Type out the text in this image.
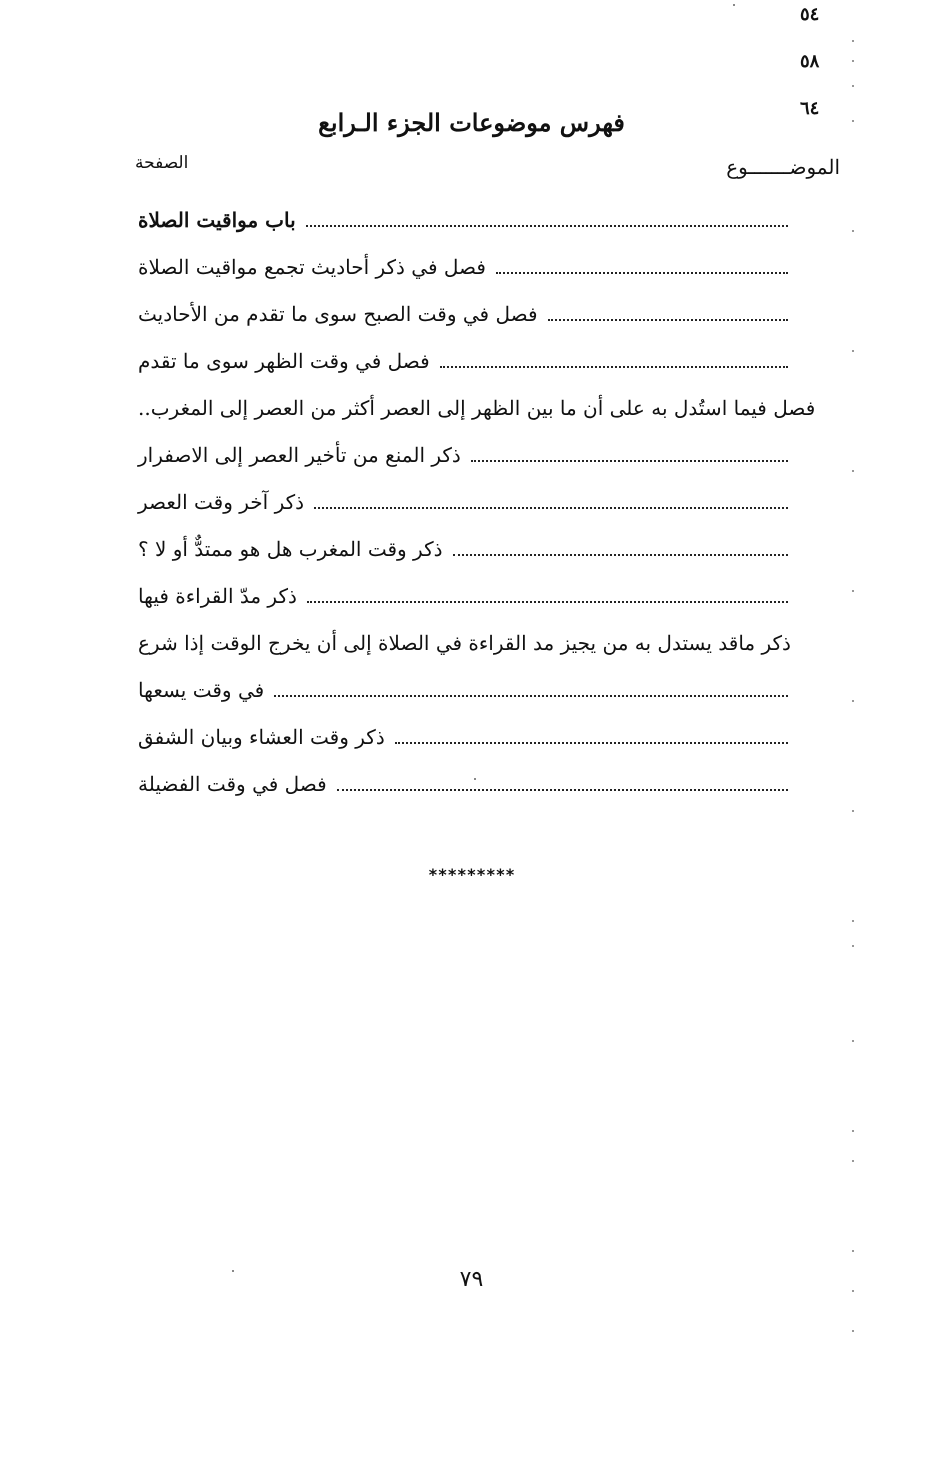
فهرس موضوعات الجزء الـرابع
الموضـــــــوع
الصفحة
باب مواقيت الصلاة
فصل في ذكر أحاديث تجمع مواقيت الصلاة
فصل في وقت الصبح سوى ما تقدم من الأحاديث
فصل في وقت الظهر سوى ما تقدم
فصل فيما استُدل به على أن ما بين الظهر إلى العصر أكثر من العصر إلى المغرب..
ذكر المنع من تأخير العصر إلى الاصفرار
ذكر آخر وقت العصر
ذكر وقت المغرب هل هو ممتدٌّ أو لا ؟
ذكر مدّ القراءة فيها
ذكر ماقد يستدل به من يجيز مد القراءة في الصلاة إلى أن يخرج الوقت إذا شرع
في وقت يسعها
٥٤
ذكر وقت العشاء وبيان الشفق
٥٨
فصل في وقت الفضيلة
٦٤
*********
٧٩
